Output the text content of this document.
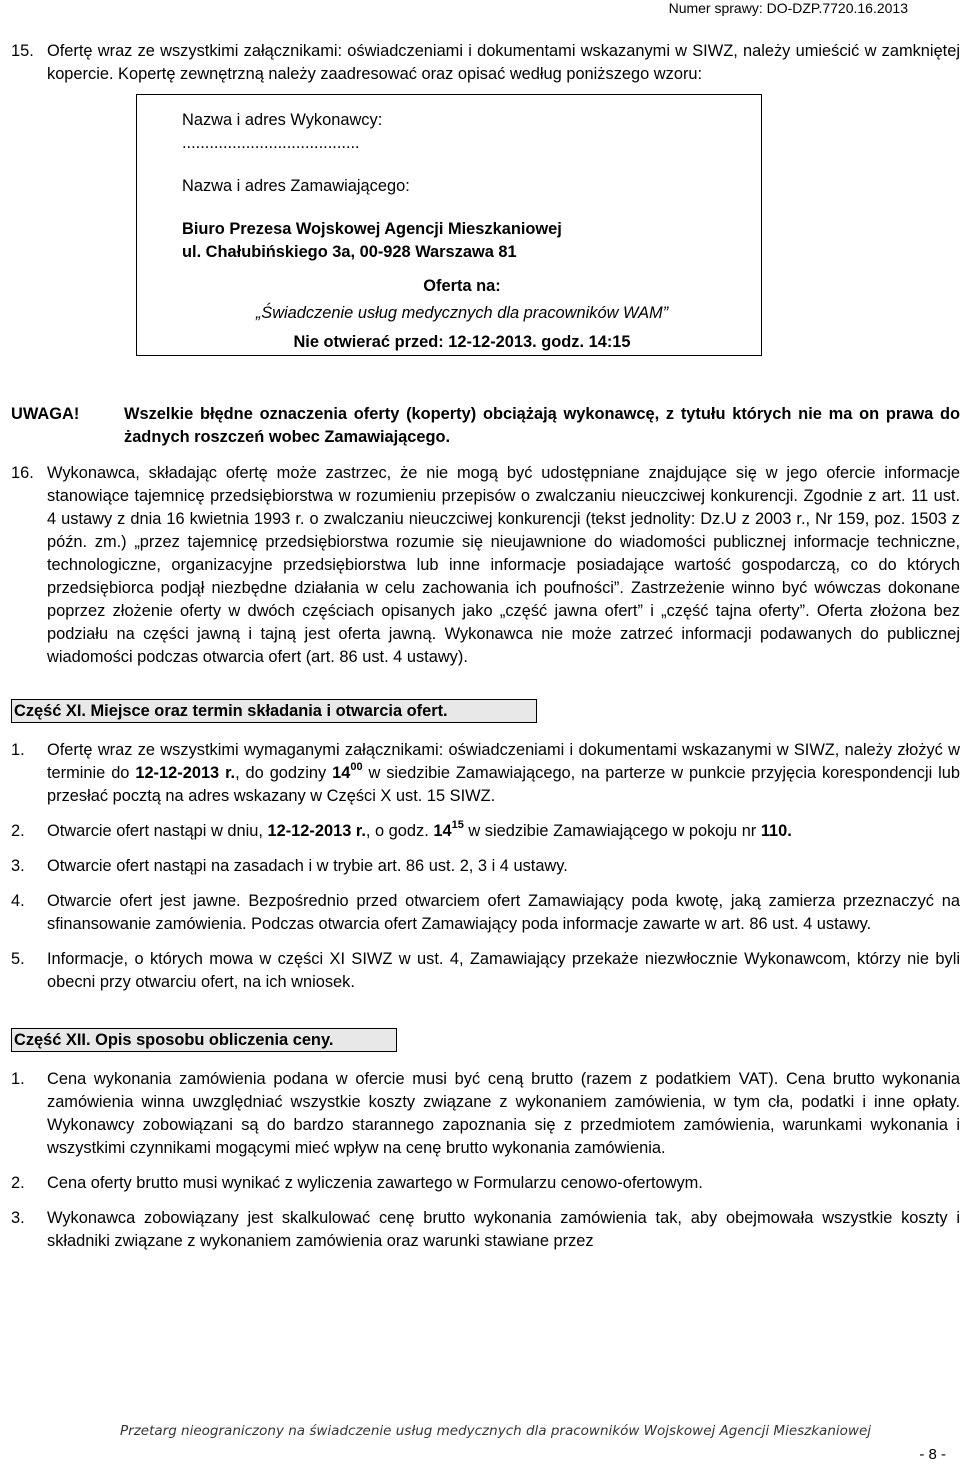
Numer sprawy: DO-DZP.7720.16.2013
15. Ofertę wraz ze wszystkimi załącznikami: oświadczeniami i dokumentami wskazanymi w SIWZ, należy umieścić w zamkniętej kopercie. Kopertę zewnętrzną należy zaadresować oraz opisać według poniższego wzoru:
Nazwa i adres Wykonawcy:
.......................................
Nazwa i adres Zamawiającego:
Biuro Prezesa Wojskowej Agencji Mieszkaniowej
ul. Chałubińskiego 3a, 00-928 Warszawa 81
Oferta na:
„Świadczenie usług medycznych dla pracowników WAM”
Nie otwierać przed: 12-12-2013. godz. 14:15
UWAGA!	Wszelkie błędne oznaczenia oferty (koperty) obciążają wykonawcę, z tytułu których nie ma on prawa do żadnych roszczeń wobec Zamawiającego.
16. Wykonawca, składając ofertę może zastrzec, że nie mogą być udostępniane znajdujące się w jego ofercie informacje stanowiące tajemnicę przedsiębiorstwa w rozumieniu przepisów o zwalczaniu nieuczciwej konkurencji. Zgodnie z art. 11 ust. 4 ustawy z dnia 16 kwietnia 1993 r. o zwalczaniu nieuczciwej konkurencji (tekst jednolity: Dz.U z 2003 r., Nr 159, poz. 1503 z późn. zm.) „przez tajemnicę przedsiębiorstwa rozumie się nieujawnione do wiadomości publicznej informacje techniczne, technologiczne, organizacyjne przedsiębiorstwa lub inne informacje posiadające wartość gospodarczą, co do których przedsiębiorca podjął niezbędne działania w celu zachowania ich poufności”. Zastrzeżenie winno być wówczas dokonane poprzez złożenie oferty w dwóch częściach opisanych jako „część jawna ofert” i „część tajna oferty”. Oferta złożona bez podziału na części jawną i tajną jest oferta jawną. Wykonawca nie może zatrzeć informacji podawanych do publicznej wiadomości podczas otwarcia ofert (art. 86 ust. 4 ustawy).
Część XI. Miejsce oraz termin składania i otwarcia ofert.
1.	Ofertę wraz ze wszystkimi wymaganymi załącznikami: oświadczeniami i dokumentami wskazanymi w SIWZ, należy złożyć w terminie do 12-12-2013 r., do godziny $14^{00}$ w siedzibie Zamawiającego, na parterze w punkcie przyjęcia korespondencji lub przesłać pocztą na adres wskazany w Części X ust. 15 SIWZ.
2.	Otwarcie ofert nastąpi w dniu, 12-12-2013 r., o godz. $14^{15}$ w siedzibie Zamawiającego w pokoju nr 110.
3.	Otwarcie ofert nastąpi na zasadach i w trybie art. 86 ust. 2, 3 i 4 ustawy.
4.	Otwarcie ofert jest jawne. Bezpośrednio przed otwarciem ofert Zamawiający poda kwotę, jaką zamierza przeznaczyć na sfinansowanie zamówienia. Podczas otwarcia ofert Zamawiający poda informacje zawarte w art. 86 ust. 4 ustawy.
5.	Informacje, o których mowa w części XI SIWZ w ust. 4, Zamawiający przekaże niezwłocznie Wykonawcom, którzy nie byli obecni przy otwarciu ofert, na ich wniosek.
Część XII. Opis sposobu obliczenia ceny.
1.	Cena wykonania zamówienia podana w ofercie musi być ceną brutto (razem z podatkiem VAT). Cena brutto wykonania zamówienia winna uwzględniać wszystkie koszty związane z wykonaniem zamówienia, w tym cła, podatki i inne opłaty. Wykonawcy zobowiązani są do bardzo starannego zapoznania się z przedmiotem zamówienia, warunkami wykonania i wszystkimi czynnikami mogącymi mieć wpływ na cenę brutto wykonania zamówienia.
2.	Cena oferty brutto musi wynikać z wyliczenia zawartego w Formularzu cenowo-ofertowym.
3.	Wykonawca zobowiązany jest skalkulować cenę brutto wykonania zamówienia tak, aby obejmowała wszystkie koszty i składniki związane z wykonaniem zamówienia oraz warunki stawiane przez
Przetarg nieograniczony na świadczenie usług medycznych dla pracowników Wojskowej Agencji Mieszkaniowej
- 8 -
